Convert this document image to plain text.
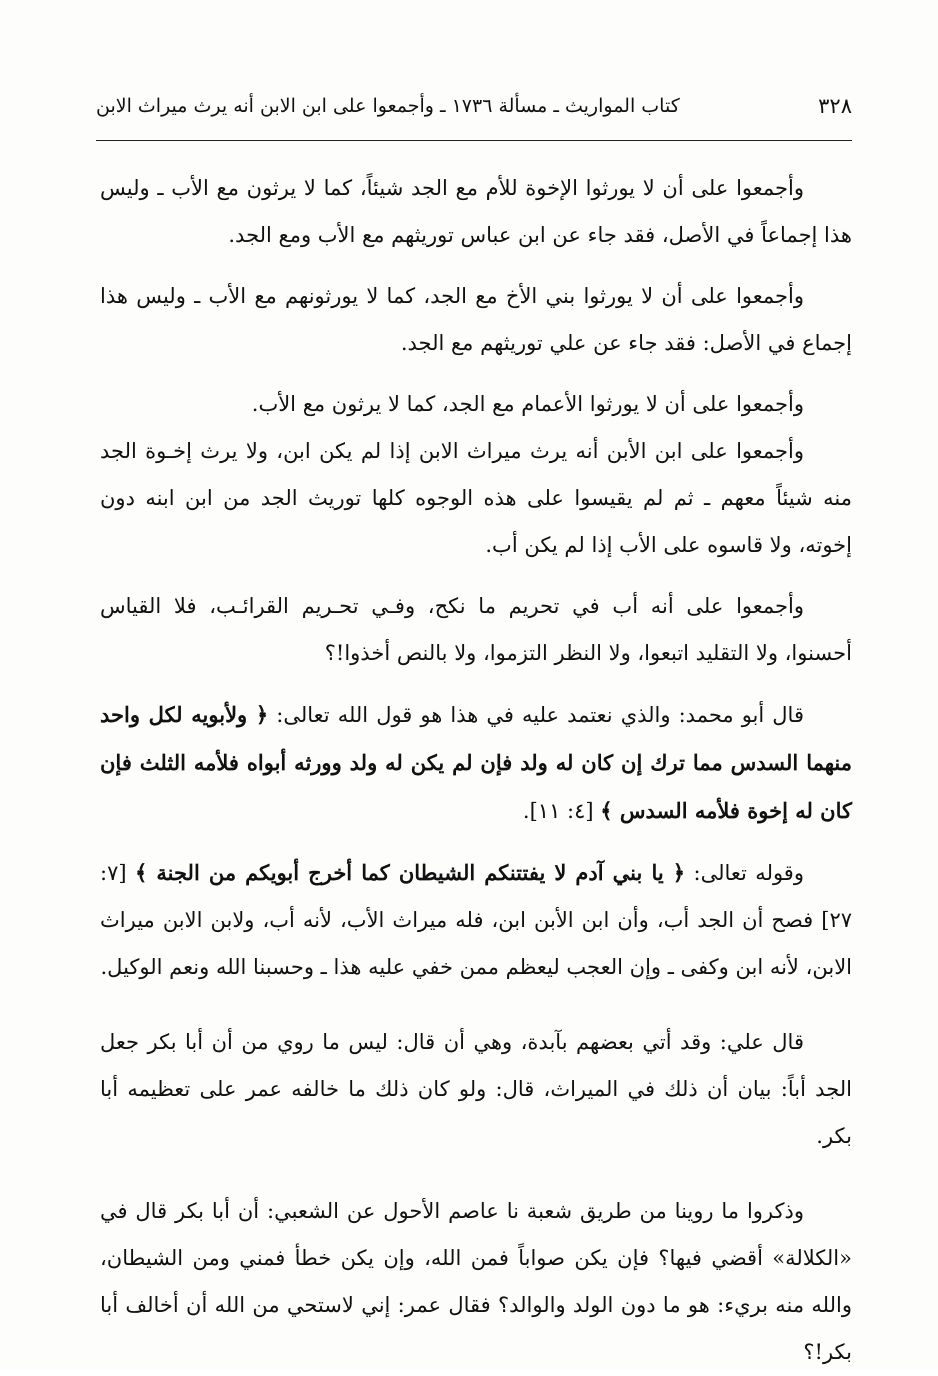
٣٢٨
كتاب المواريث ـ مسألة ١٧٣٦ ـ وأجمعوا على ابن الابن أنه يرث ميراث الابن

وأجمعوا على أن لا يورثوا الإخوة للأم مع الجد شيئاً، كما لا يرثون مع الأب ـ وليس هذا إجماعاً في الأصل، فقد جاء عن ابن عباس توريثهم مع الأب ومع الجد.

وأجمعوا على أن لا يورثوا بني الأخ مع الجد، كما لا يورثونهم مع الأب ـ وليس هذا إجماع في الأصل: فقد جاء عن علي توريثهم مع الجد.

وأجمعوا على أن لا يورثوا الأعمام مع الجد، كما لا يرثون مع الأب.

وأجمعوا على ابن الأبن أنه يرث ميراث الابن إذا لم يكن ابن، ولا يرث إخـوة الجد منه شيئاً معهم ـ ثم لم يقيسوا على هذه الوجوه كلها توريث الجد من ابن ابنه دون إخوته، ولا قاسوه على الأب إذا لم يكن أب.

وأجمعوا على أنه أب في تحريم ما نكح، وفـي تحـريم القرائـب، فلا القياس أحسنوا، ولا التقليد اتبعوا، ولا النظر التزموا، ولا بالنص أخذوا!؟

قال أبو محمد: والذي نعتمد عليه في هذا هو قول الله تعالى: ﴿ ولأبويه لكل واحد منهما السدس مما ترك إن كان له ولد فإن لم يكن له ولد وورثه أبواه فلأمه الثلث فإن كان له إخوة فلأمه السدس ﴾ [٤: ١١].

وقوله تعالى: ﴿ يا بني آدم لا يفتتنكم الشيطان كما أخرج أبويكم من الجنة ﴾ [٧: ٢٧] فصح أن الجد أب، وأن ابن الأبن ابن، فله ميراث الأب، لأنه أب، ولابن الابن ميراث الابن، لأنه ابن وكفى ـ وإن العجب ليعظم ممن خفي عليه هذا ـ وحسبنا الله ونعم الوكيل.

قال علي: وقد أتي بعضهم بآبدة، وهي أن قال: ليس ما روي من أن أبا بكر جعل الجد أباً: بيان أن ذلك في الميراث، قال: ولو كان ذلك ما خالفه عمر على تعظيمه أبا بكر.

وذكروا ما روينا من طريق شعبة نا عاصم الأحول عن الشعبي: أن أبا بكر قال في «الكلالة» أقضي فيها؟ فإن يكن صواباً فمن الله، وإن يكن خطأ فمني ومن الشيطان، والله منه بريء: هو ما دون الولد والوالد؟ فقال عمر: إني لاستحي من الله أن أخالف أبا بكر!؟
